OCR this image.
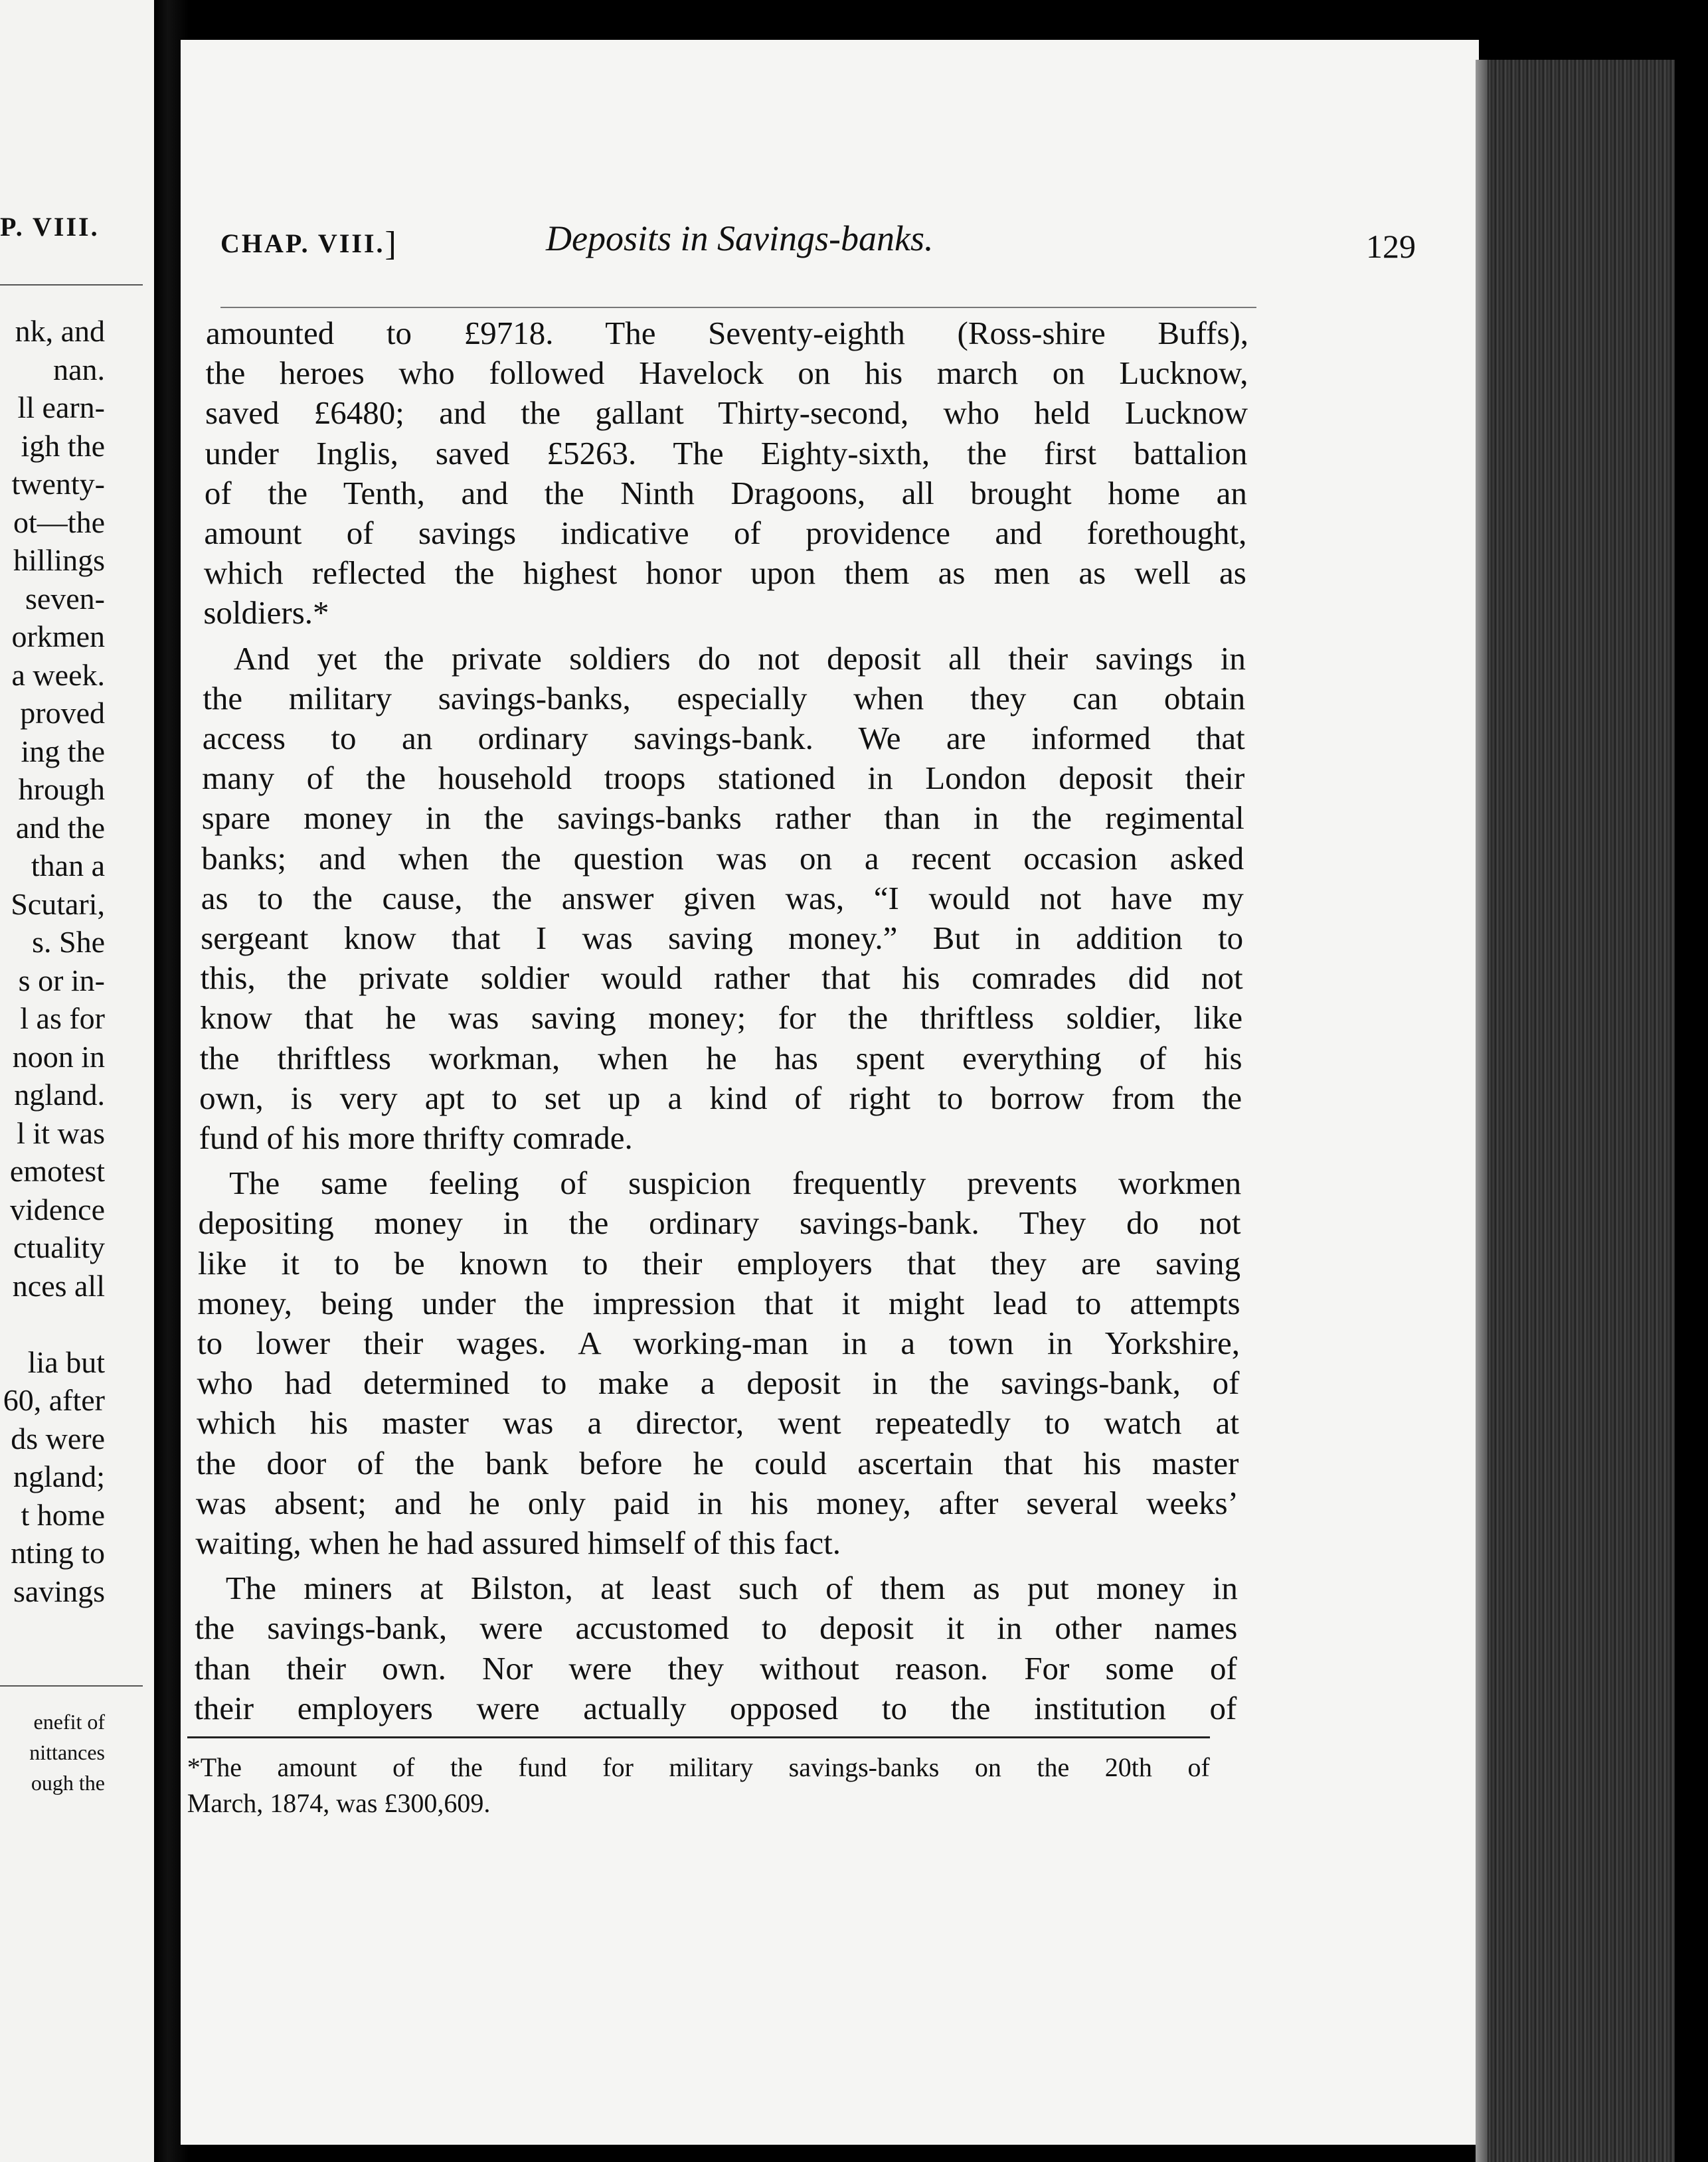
P. VIII.
nk, and
nan.
ll earn-
igh the
twenty-
ot—the
hillings
seven-
orkmen
a week.
proved
ing the
hrough
and the
than a
Scutari,
s. She
s or in-
l as for
noon in
ngland.
l it was
emotest
vidence
ctuality
nces all
lia but
60, after
ds were
ngland;
t home
nting to
savings
enefit of
nittances
ough the
CHAP. VIII.]	Deposits in Savings-banks.	129
amounted to £9718. The Seventy-eighth (Ross-shire Buffs),
the heroes who followed Havelock on his march on Lucknow,
saved £6480; and the gallant Thirty-second, who held Lucknow
under Inglis, saved £5263. The Eighty-sixth, the first battalion
of the Tenth, and the Ninth Dragoons, all brought home an
amount of savings indicative of providence and forethought,
which reflected the highest honor upon them as men as well as
soldiers.*
And yet the private soldiers do not deposit all their savings in
the military savings-banks, especially when they can obtain
access to an ordinary savings-bank. We are informed that
many of the household troops stationed in London deposit their
spare money in the savings-banks rather than in the regimental
banks; and when the question was on a recent occasion asked
as to the cause, the answer given was, “I would not have my
sergeant know that I was saving money.” But in addition to
this, the private soldier would rather that his comrades did not
know that he was saving money; for the thriftless soldier, like
the thriftless workman, when he has spent everything of his
own, is very apt to set up a kind of right to borrow from the
fund of his more thrifty comrade.
The same feeling of suspicion frequently prevents workmen
depositing money in the ordinary savings-bank. They do not
like it to be known to their employers that they are saving
money, being under the impression that it might lead to attempts
to lower their wages. A working-man in a town in Yorkshire,
who had determined to make a deposit in the savings-bank, of
which his master was a director, went repeatedly to watch at
the door of the bank before he could ascertain that his master
was absent; and he only paid in his money, after several weeks’
waiting, when he had assured himself of this fact.
The miners at Bilston, at least such of them as put money in
the savings-bank, were accustomed to deposit it in other names
than their own. Nor were they without reason. For some of
their employers were actually opposed to the institution of
*The amount of the fund for military savings-banks on the 20th of
March, 1874, was £300,609.
